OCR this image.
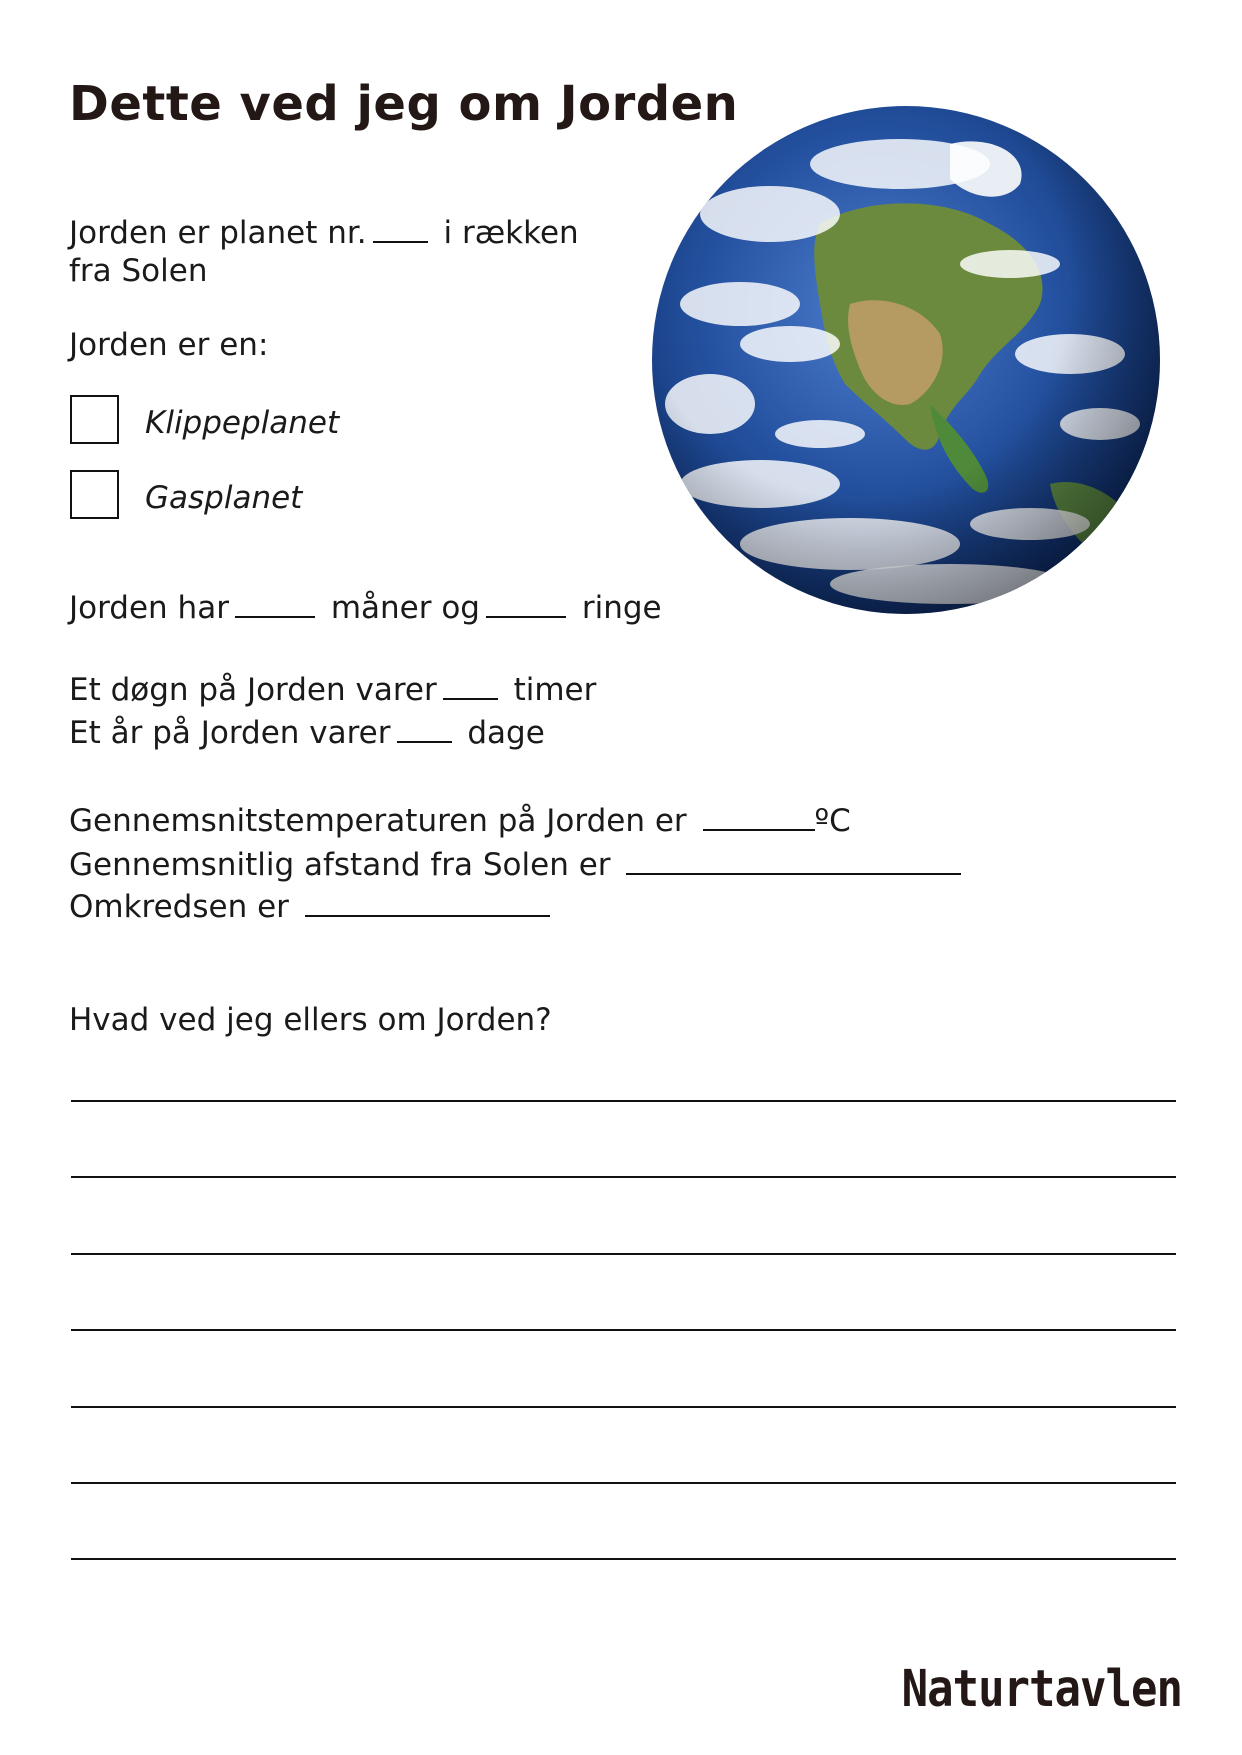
Dette ved jeg om Jorden
Jorden er planet nr. i rækken
fra Solen
Jorden er en:
Klippeplanet
Gasplanet
Jorden har	måner og	ringe
Et døgn på Jorden varer timer
Et år på Jorden varer dage
Gennemsnitstemperaturen på Jorden er	ºC
Gennemsnitlig afstand fra Solen er
Omkredsen er
Hvad ved jeg ellers om Jorden?
Naturtavlen
